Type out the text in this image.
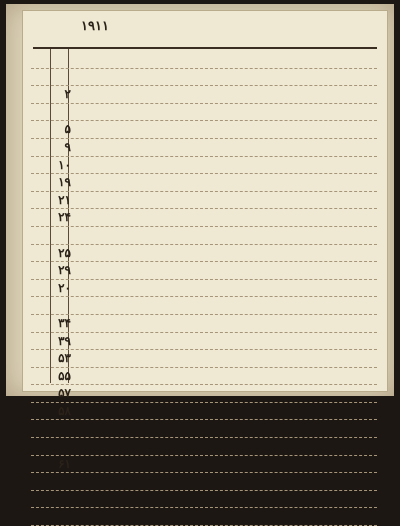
۱۹۱۱
۲
۵
۹
۱۰
۱۹
۲۱
۲۴
۲۵
۲۹
۲۰
۳۴
۳۹
۵۳
۵۵
۵۷
۵۸
۶۱
